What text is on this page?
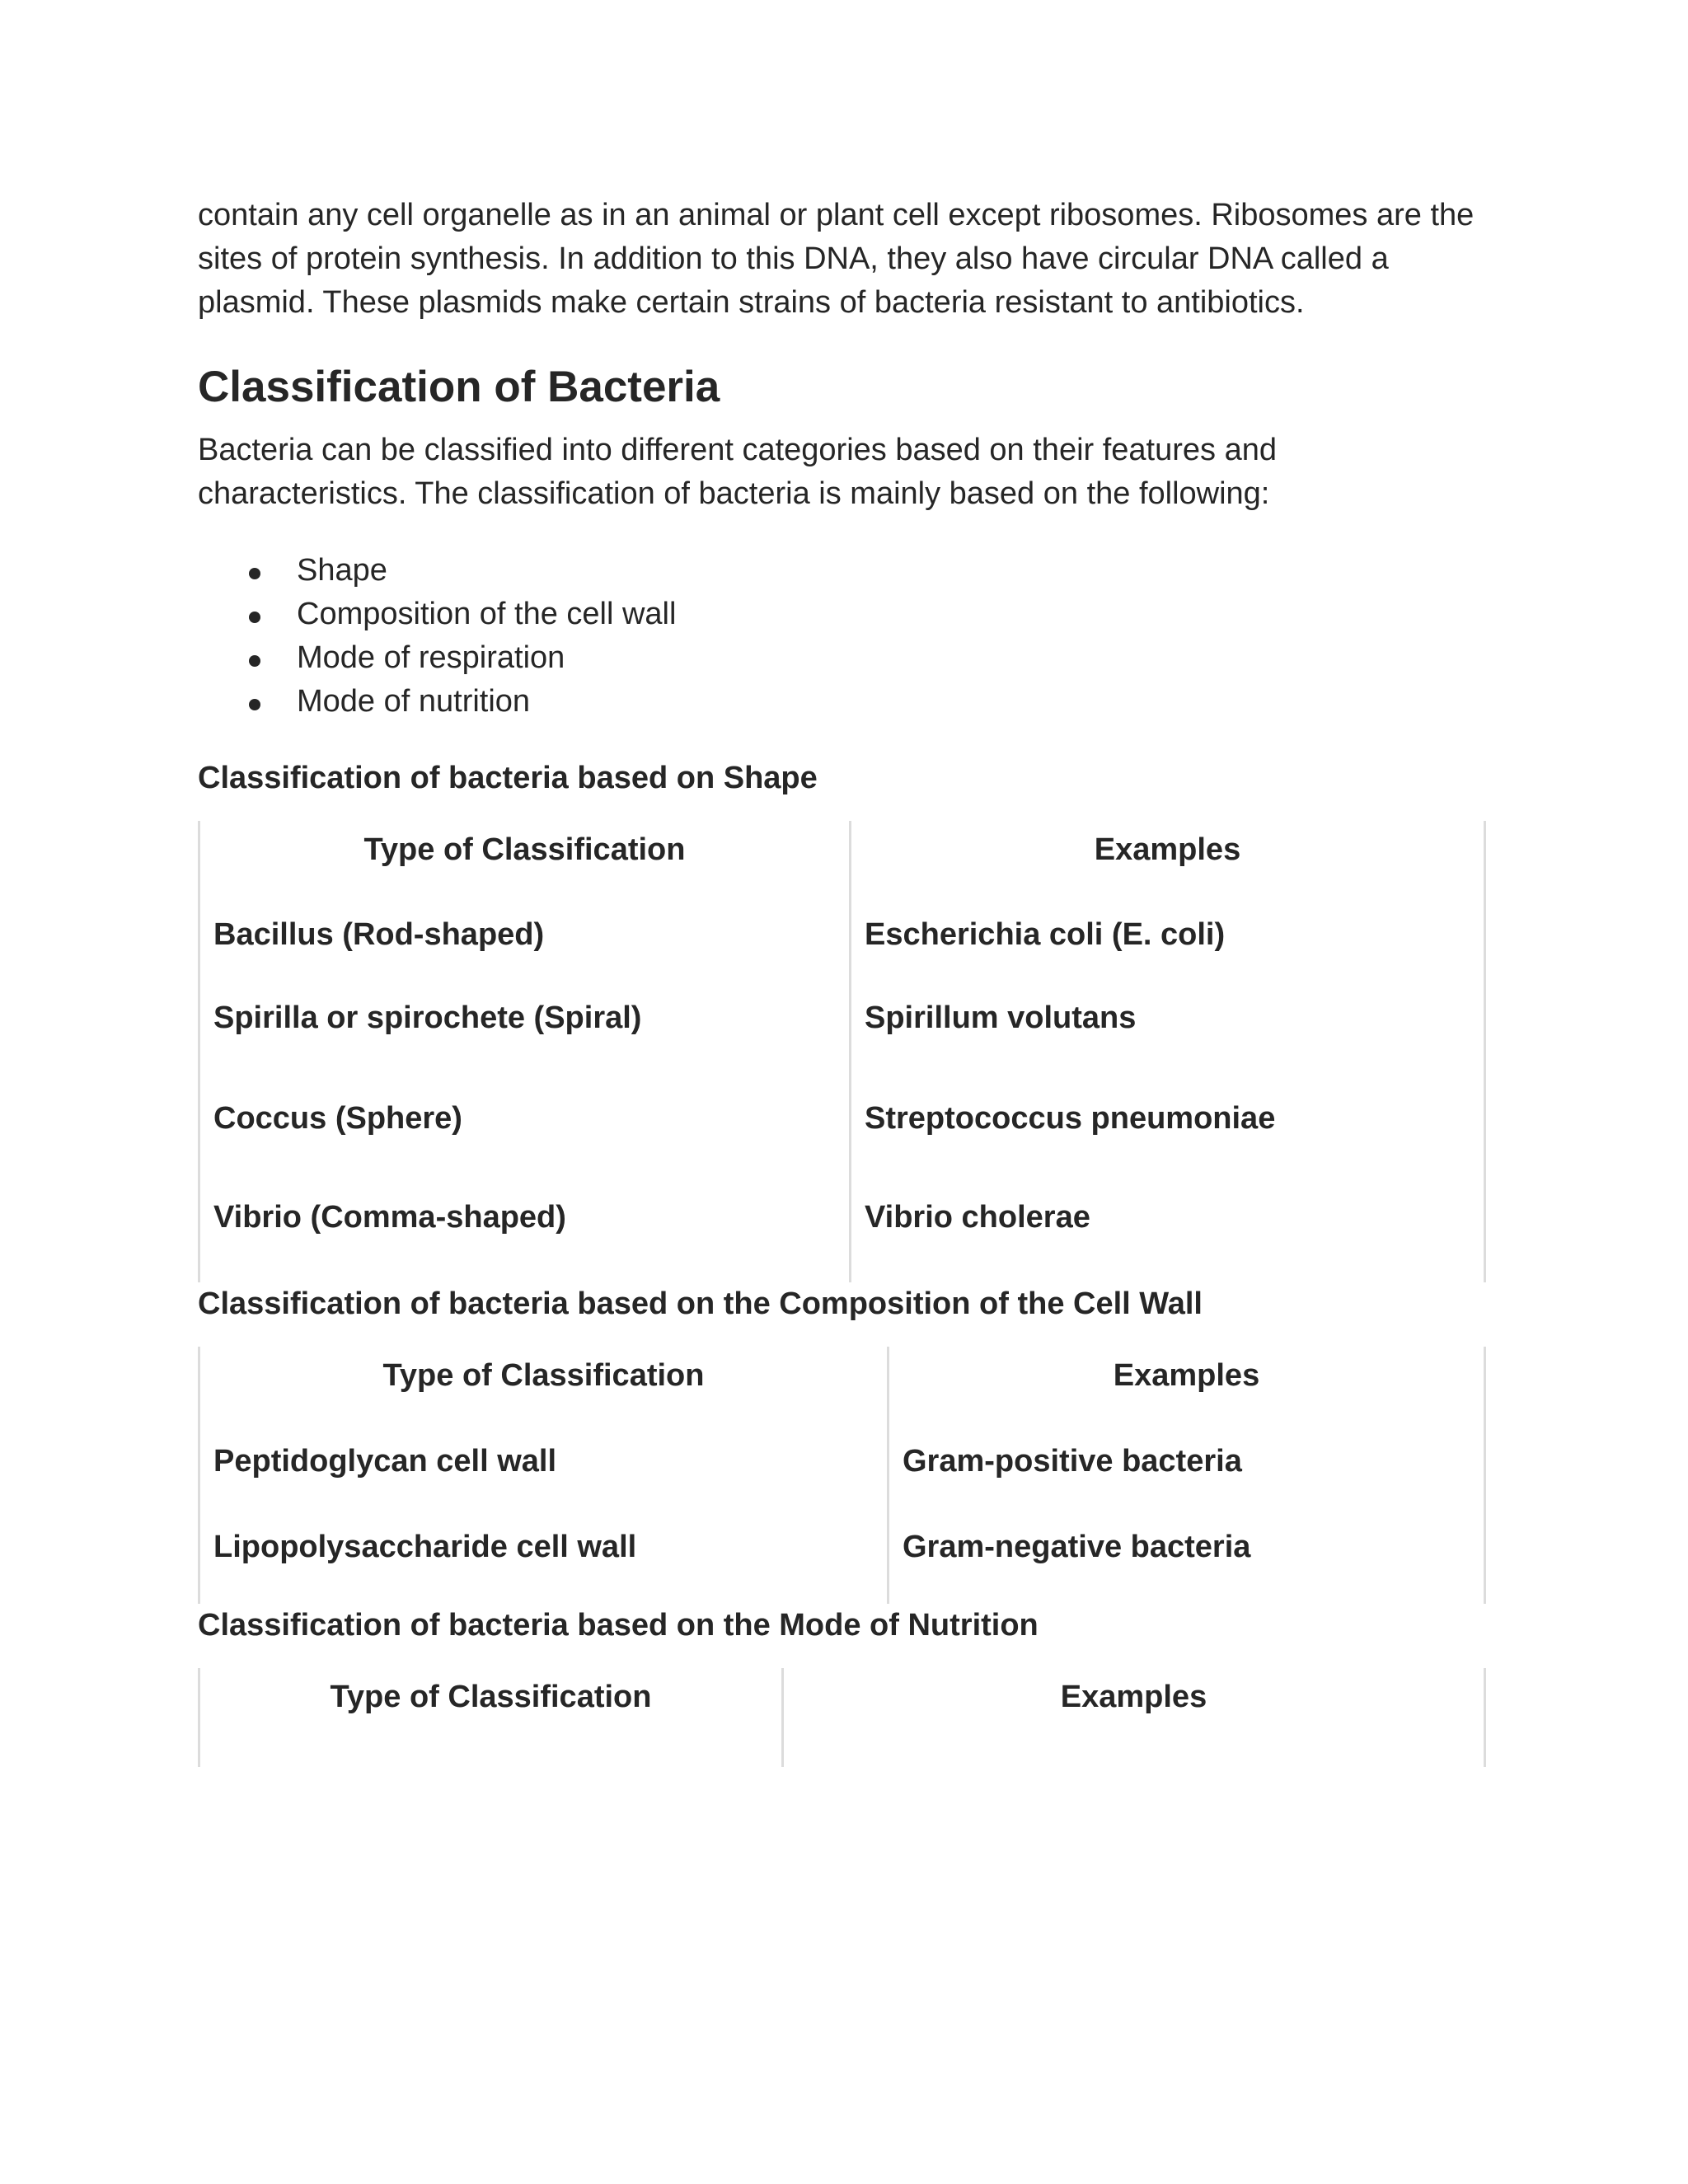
contain any cell organelle as in an animal or plant cell except ribosomes. Ribosomes are the sites of protein synthesis. In addition to this DNA, they also have circular DNA called a plasmid. These plasmids make certain strains of bacteria resistant to antibiotics.

Classification of Bacteria

Bacteria can be classified into different categories based on their features and characteristics. The classification of bacteria is mainly based on the following:

Shape
Composition of the cell wall
Mode of respiration
Mode of nutrition
Classification of bacteria based on Shape
Type of Classification	Examples
Bacillus (Rod-shaped)	Escherichia coli (E. coli)
Spirilla or spirochete (Spiral)	Spirillum volutans
Coccus (Sphere)	Streptococcus pneumoniae
Vibrio (Comma-shaped)	Vibrio cholerae
Classification of bacteria based on the Composition of the Cell Wall
Type of Classification	Examples
Peptidoglycan cell wall	Gram-positive bacteria
Lipopolysaccharide cell wall	Gram-negative bacteria
Classification of bacteria based on the Mode of Nutrition
Type of Classification	Examples
